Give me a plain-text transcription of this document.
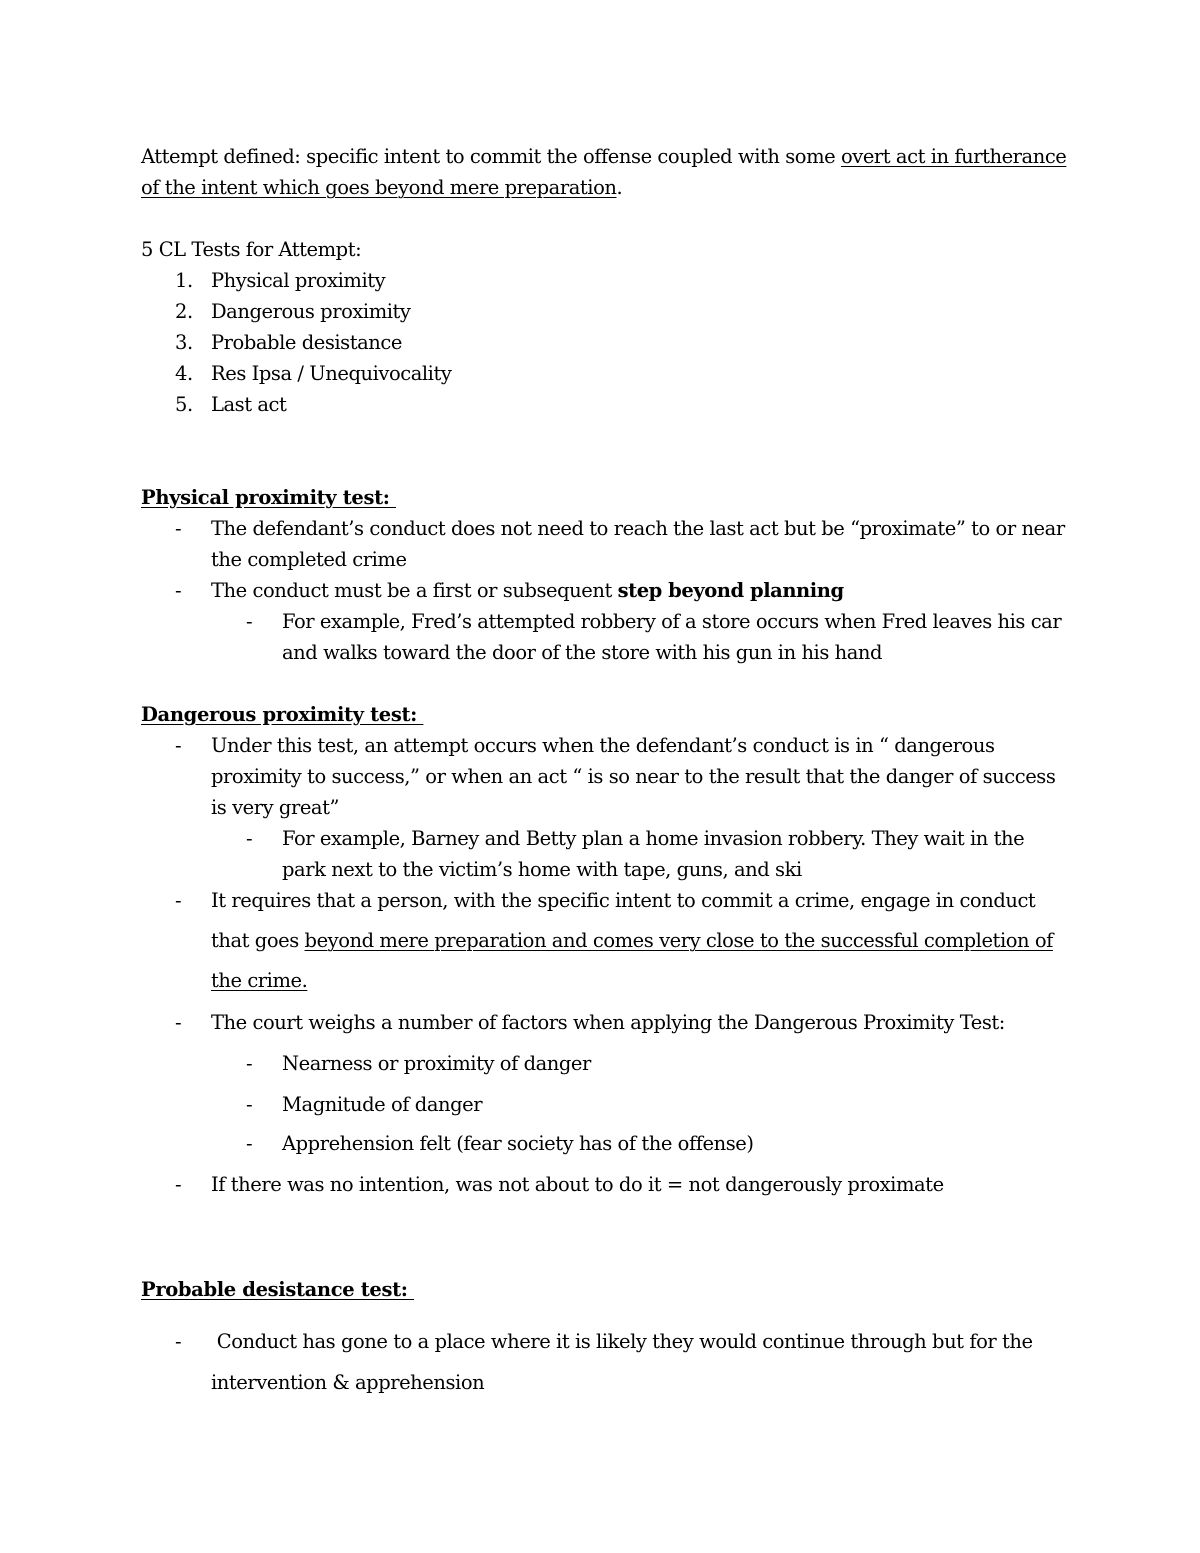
Attempt defined: specific intent to commit the offense coupled with some overt act in furtherance of the intent which goes beyond mere preparation.
5 CL Tests for Attempt:
1. Physical proximity
2. Dangerous proximity
3. Probable desistance
4. Res Ipsa / Unequivocality
5. Last act
Physical proximity test:
- The defendant’s conduct does not need to reach the last act but be “proximate” to or near the completed crime
- The conduct must be a first or subsequent step beyond planning
- For example, Fred’s attempted robbery of a store occurs when Fred leaves his car and walks toward the door of the store with his gun in his hand
Dangerous proximity test:
- Under this test, an attempt occurs when the defendant’s conduct is in “ dangerous proximity to success,” or when an act “ is so near to the result that the danger of success is very great”
- For example, Barney and Betty plan a home invasion robbery. They wait in the park next to the victim’s home with tape, guns, and ski
- It requires that a person, with the specific intent to commit a crime, engage in conduct that goes beyond mere preparation and comes very close to the successful completion of the crime.
- The court weighs a number of factors when applying the Dangerous Proximity Test:
- Nearness or proximity of danger
- Magnitude of danger
- Apprehension felt (fear society has of the offense)
- If there was no intention, was not about to do it = not dangerously proximate
Probable desistance test:
- Conduct has gone to a place where it is likely they would continue through but for the intervention & apprehension
